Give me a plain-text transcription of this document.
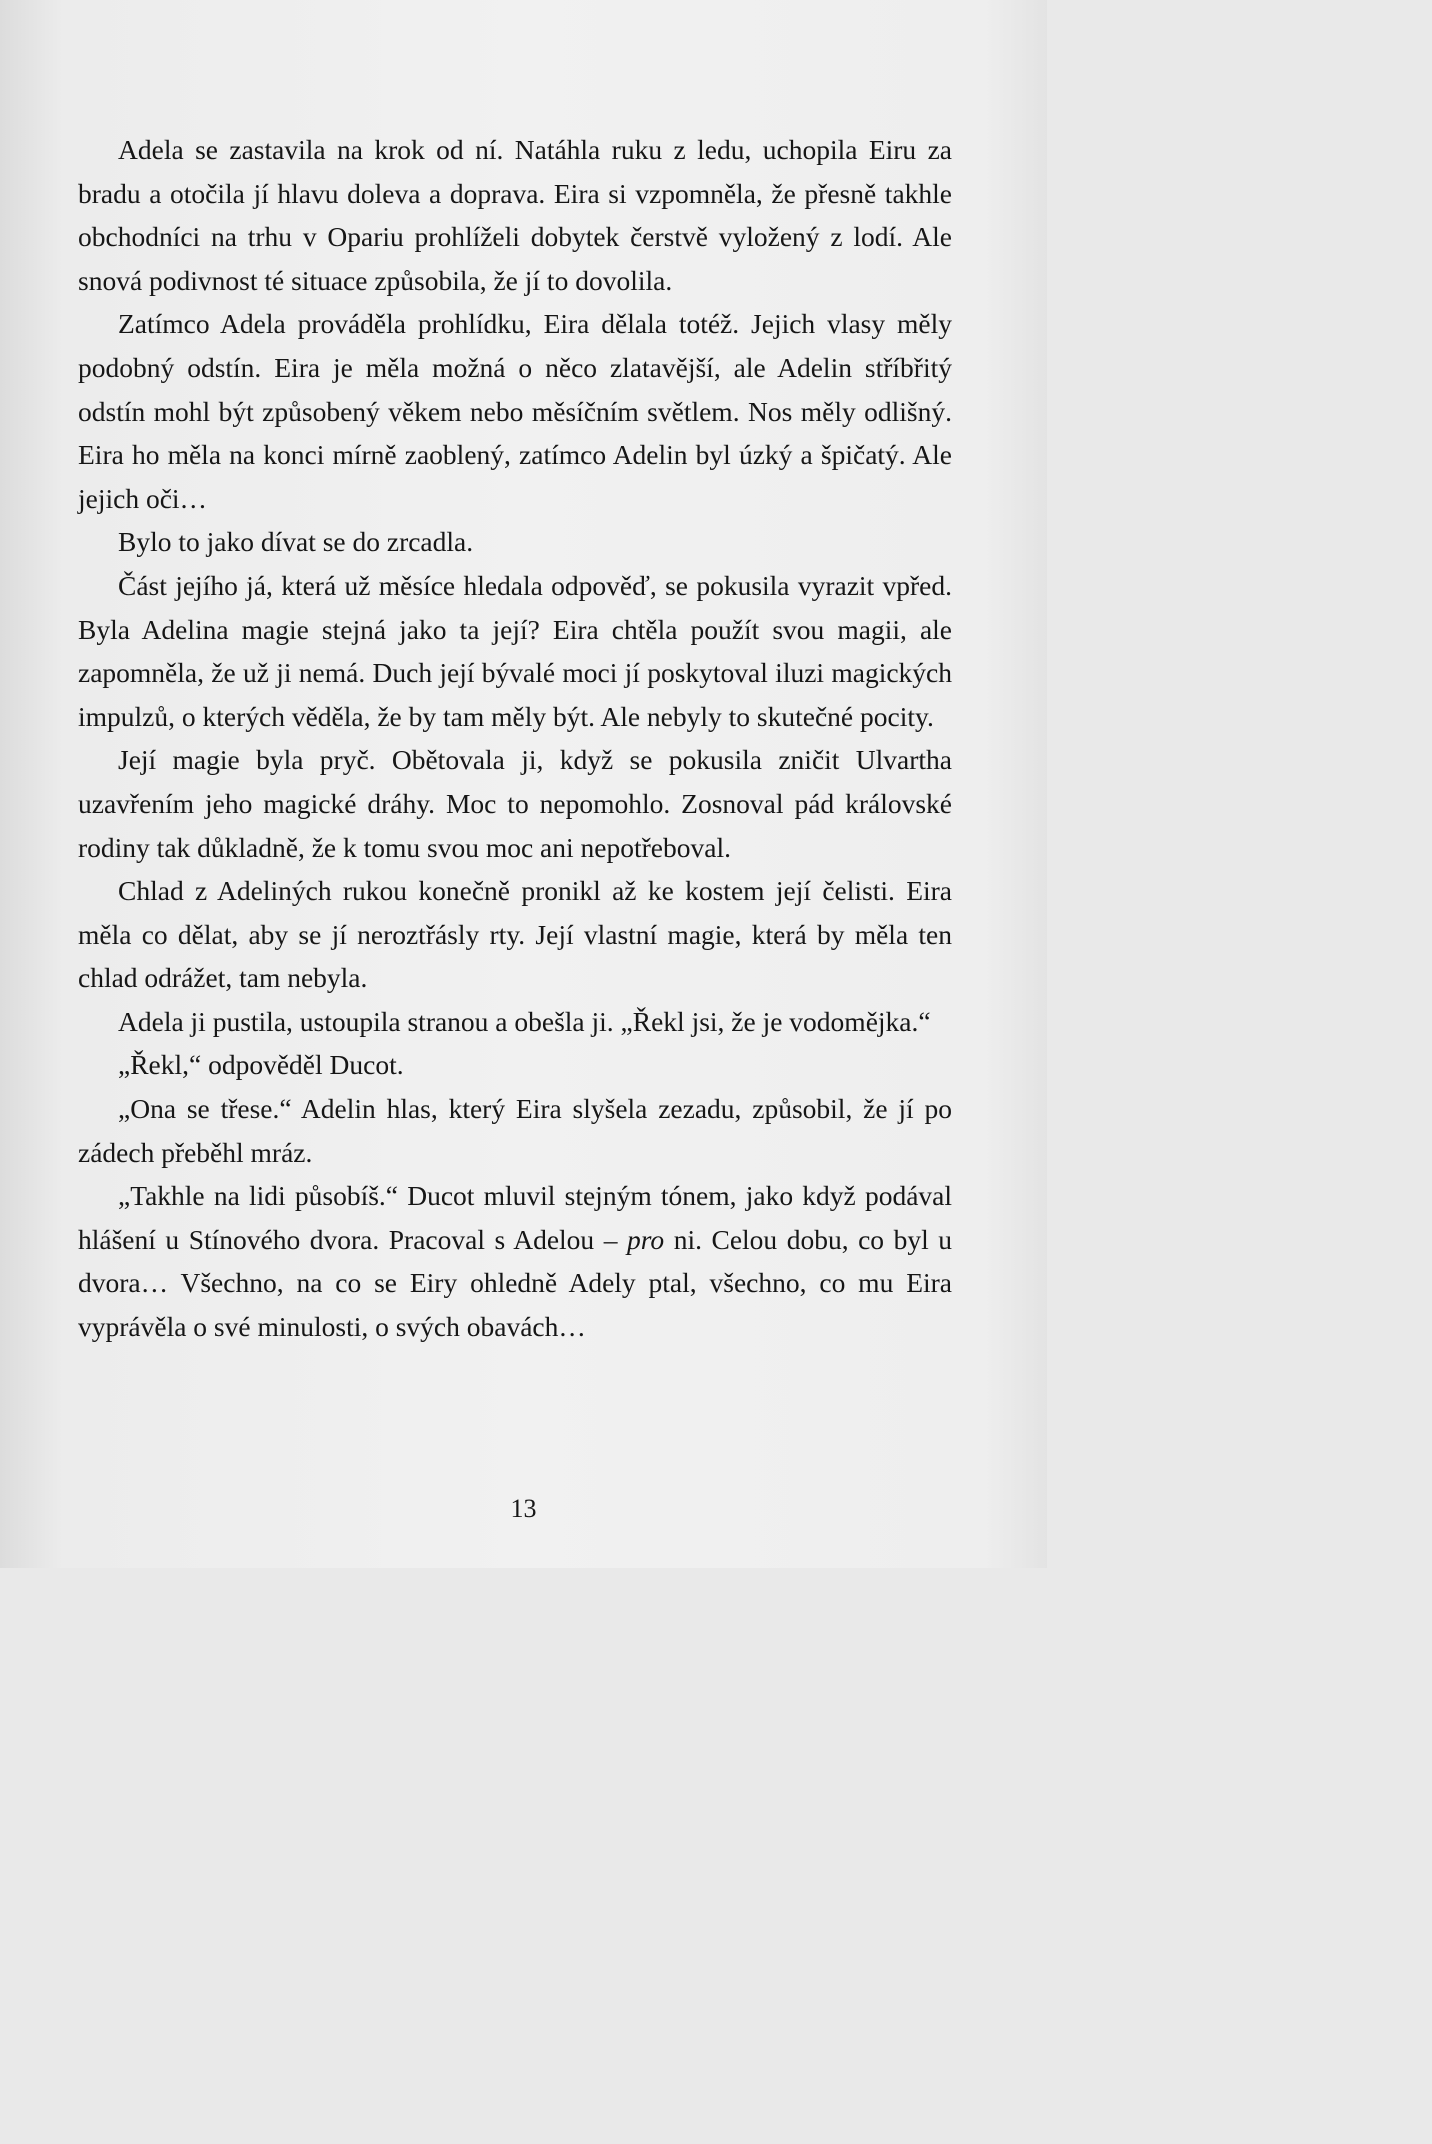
Adela se zastavila na krok od ní. Natáhla ruku z ledu, uchopila Eiru za bradu a otočila jí hlavu doleva a doprava. Eira si vzpomněla, že přesně takhle obchodníci na trhu v Opariu prohlíželi dobytek čerstvě vyložený z lodí. Ale snová podivnost té situace způsobila, že jí to dovolila.

Zatímco Adela prováděla prohlídku, Eira dělala totéž. Jejich vlasy měly podobný odstín. Eira je měla možná o něco zlatavější, ale Adelin stříbřitý odstín mohl být způsobený věkem nebo měsíčním světlem. Nos měly odlišný. Eira ho měla na konci mírně zaoblený, zatímco Adelin byl úzký a špičatý. Ale jejich oči…

Bylo to jako dívat se do zrcadla.

Část jejího já, která už měsíce hledala odpověď, se pokusila vyrazit vpřed. Byla Adelina magie stejná jako ta její? Eira chtěla použít svou magii, ale zapomněla, že už ji nemá. Duch její bývalé moci jí poskytoval iluzi magických impulzů, o kterých věděla, že by tam měly být. Ale nebyly to skutečné pocity.

Její magie byla pryč. Obětovala ji, když se pokusila zničit Ulvartha uzavřením jeho magické dráhy. Moc to nepomohlo. Zosnoval pád královské rodiny tak důkladně, že k tomu svou moc ani nepotřeboval.

Chlad z Adeliných rukou konečně pronikl až ke kostem její čelisti. Eira měla co dělat, aby se jí neroztřásly rty. Její vlastní magie, která by měla ten chlad odrážet, tam nebyla.

Adela ji pustila, ustoupila stranou a obešla ji. „Řekl jsi, že je vodomějka.“

„Řekl,“ odpověděl Ducot.

„Ona se třese.“ Adelin hlas, který Eira slyšela zezadu, způsobil, že jí po zádech přeběhl mráz.

„Takhle na lidi působíš.“ Ducot mluvil stejným tónem, jako když podával hlášení u Stínového dvora. Pracoval s Adelou – pro ni. Celou dobu, co byl u dvora… Všechno, na co se Eiry ohledně Adely ptal, všechno, co mu Eira vyprávěla o své minulosti, o svých obavách…

13
